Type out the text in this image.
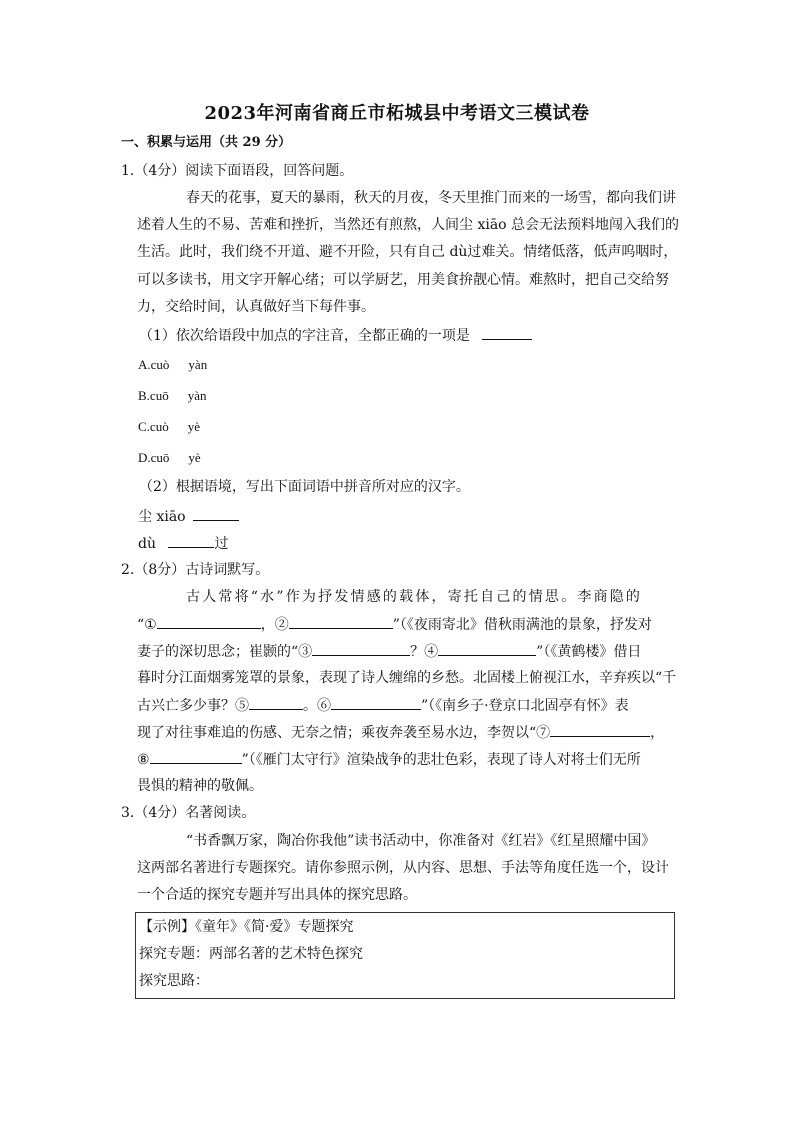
2023年河南省商丘市柘城县中考语文三模试卷
一、积累与运用（共 29 分）
1.（4分）阅读下面语段，回答问题。
春天的花事，夏天的暴雨，秋天的月夜，冬天里推门而来的一场雪，都向我们讲
述着人生的不易、苦难和挫折，当然还有煎熬，人间尘 xiāo 总会无法预料地闯入我们的
生活。此时，我们绕不开道、避不开险，只有自己 dù过难关。情绪低落，低声呜咽时，
可以多读书，用文字开解心绪；可以学厨艺，用美食拚靓心情。难熬时，把自己交给努
力，交给时间，认真做好当下每件事。
（1）依次给语段中加点的字注音，全都正确的一项是
A.cuò yàn
B.cuō yàn
C.cuò yè
D.cuō yè
（2）根据语境，写出下面词语中拼音所对应的汉字。
尘 xiāo
dù	过
2.（8分）古诗词默写。
古人常将“水”作为抒发情感的载体，寄托自己的情思。李商隐的
“①	，②	”（《夜雨寄北》借秋雨满池的景象，抒发对
妻子的深切思念；崔颢的“③	？④	”（《黄鹤楼》借日
暮时分江面烟雾笼罩的景象，表现了诗人缠绵的乡愁。北固楼上俯视江水，辛弃疾以“千
古兴亡多少事？⑤	。⑥	”（《南乡子·登京口北固亭有怀》表
现了对往事难追的伤感、无奈之情；乘夜奔袭至易水边，李贺以“⑦	，
⑧	”（《雁门太守行》渲染战争的悲壮色彩，表现了诗人对将士们无所
畏惧的精神的敬佩。
3.（4分）名著阅读。
“书香飘万家，陶冶你我他”读书活动中，你准备对《红岩》《红星照耀中国》
这两部名著进行专题探究。请你参照示例，从内容、思想、手法等角度任选一个，设计
一个合适的探究专题并写出具体的探究思路。
【示例】《童年》《简·爱》专题探究
探究专题：两部名著的艺术特色探究
探究思路：
